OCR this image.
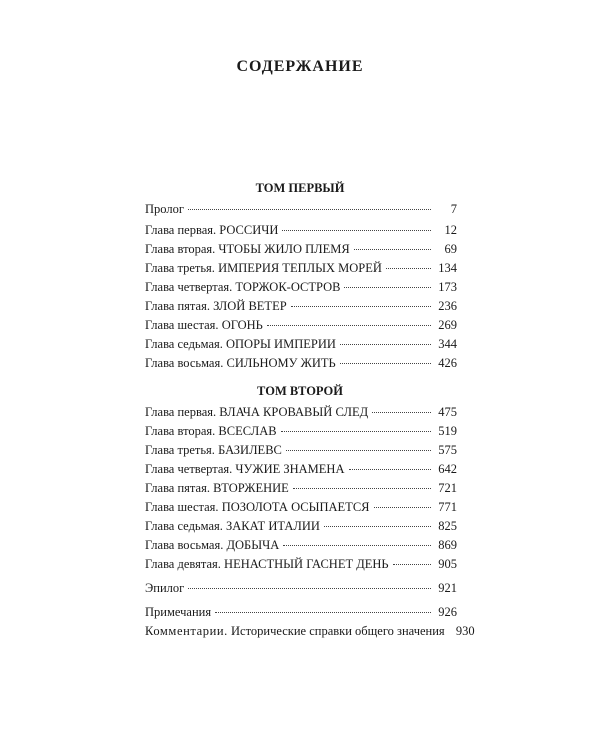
СОДЕРЖАНИЕ
ТОМ ПЕРВЫЙ
Пролог	7
Глава первая. РОССИЧИ	12
Глава вторая. ЧТОБЫ ЖИЛО ПЛЕМЯ	69
Глава третья. ИМПЕРИЯ ТЕПЛЫХ МОРЕЙ	134
Глава четвертая. ТОРЖОК-ОСТРОВ	173
Глава пятая. ЗЛОЙ ВЕТЕР	236
Глава шестая. ОГОНЬ	269
Глава седьмая. ОПОРЫ ИМПЕРИИ	344
Глава восьмая. СИЛЬНОМУ ЖИТЬ	426
ТОМ ВТОРОЙ
Глава первая. ВЛАЧА КРОВАВЫЙ СЛЕД	475
Глава вторая. ВСЕСЛАВ	519
Глава третья. БАЗИЛЕВС	575
Глава четвертая. ЧУЖИЕ ЗНАМЕНА	642
Глава пятая. ВТОРЖЕНИЕ	721
Глава шестая. ПОЗОЛОТА ОСЫПАЕТСЯ	771
Глава седьмая. ЗАКАТ ИТАЛИИ	825
Глава восьмая. ДОБЫЧА	869
Глава девятая. НЕНАСТНЫЙ ГАСНЕТ ДЕНЬ	905
Эпилог	921
Примечания	926
Комментарии. Исторические справки общего значения 930
